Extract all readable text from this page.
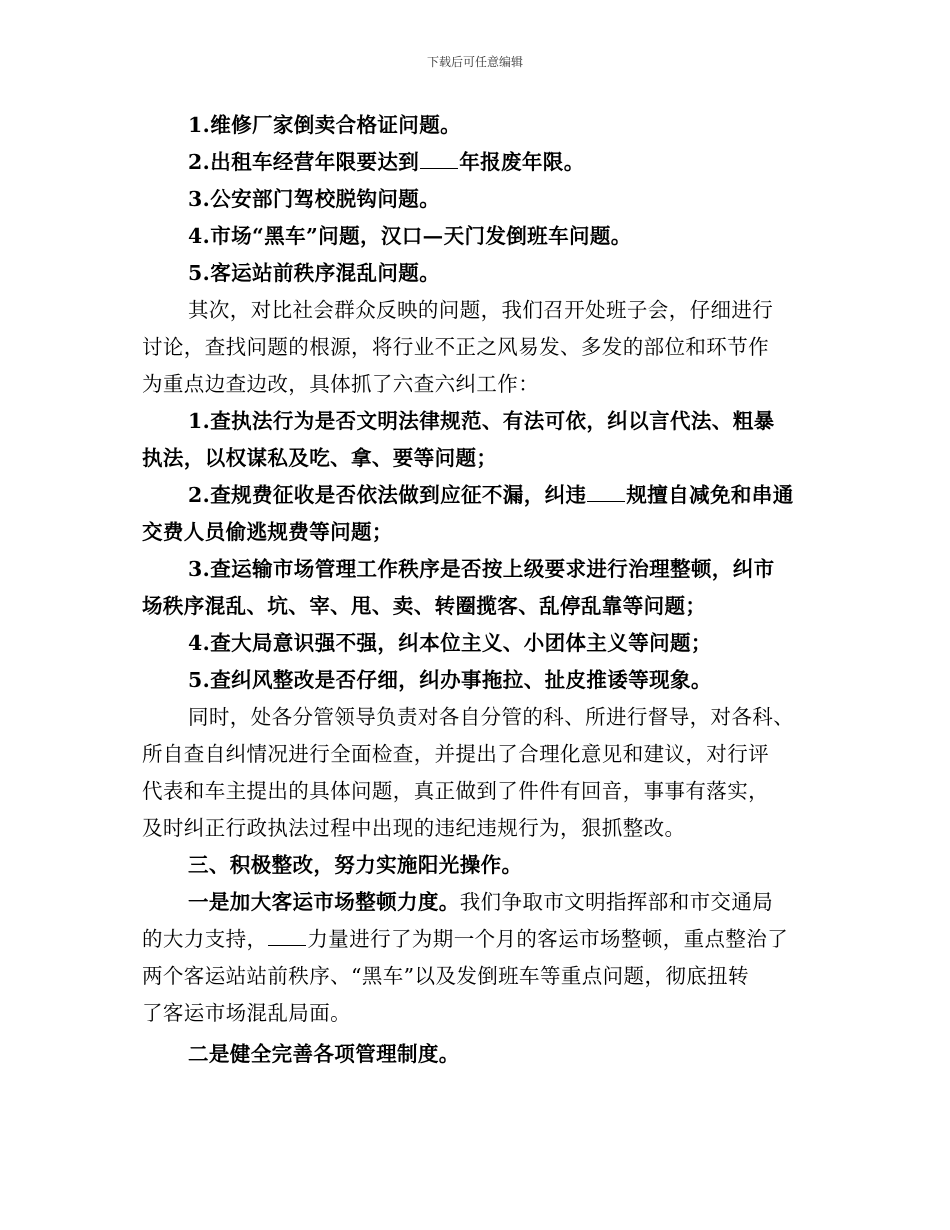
下载后可任意编辑
1.维修厂家倒卖合格证问题。
2.出租车经营年限要达到 年报废年限。
3.公安部门驾校脱钩问题。
4.市场“黑车”问题，汉口—天门发倒班车问题。
5.客运站前秩序混乱问题。
其次，对比社会群众反映的问题，我们召开处班子会，仔细进行
讨论，查找问题的根源，将行业不正之风易发、多发的部位和环节作
为重点边查边改，具体抓了六查六纠工作：
1.查执法行为是否文明法律规范、有法可依，纠以言代法、粗暴
执法，以权谋私及吃、拿、要等问题；
2.查规费征收是否依法做到应征不漏，纠违 规擅自减免和串通
交费人员偷逃规费等问题；
3.查运输市场管理工作秩序是否按上级要求进行治理整顿，纠市
场秩序混乱、坑、宰、甩、卖、转圈揽客、乱停乱靠等问题；
4.查大局意识强不强，纠本位主义、小团体主义等问题；
5.查纠风整改是否仔细，纠办事拖拉、扯皮推诿等现象。
同时，处各分管领导负责对各自分管的科、所进行督导，对各科、
所自查自纠情况进行全面检查，并提出了合理化意见和建议，对行评
代表和车主提出的具体问题，真正做到了件件有回音，事事有落实，
及时纠正行政执法过程中出现的违纪违规行为，狠抓整改。
三、积极整改，努力实施阳光操作。
一是加大客运市场整顿力度。我们争取市文明指挥部和市交通局
的大力支持， 力量进行了为期一个月的客运市场整顿，重点整治了
两个客运站站前秩序、“黑车”以及发倒班车等重点问题，彻底扭转
了客运市场混乱局面。
二是健全完善各项管理制度。
